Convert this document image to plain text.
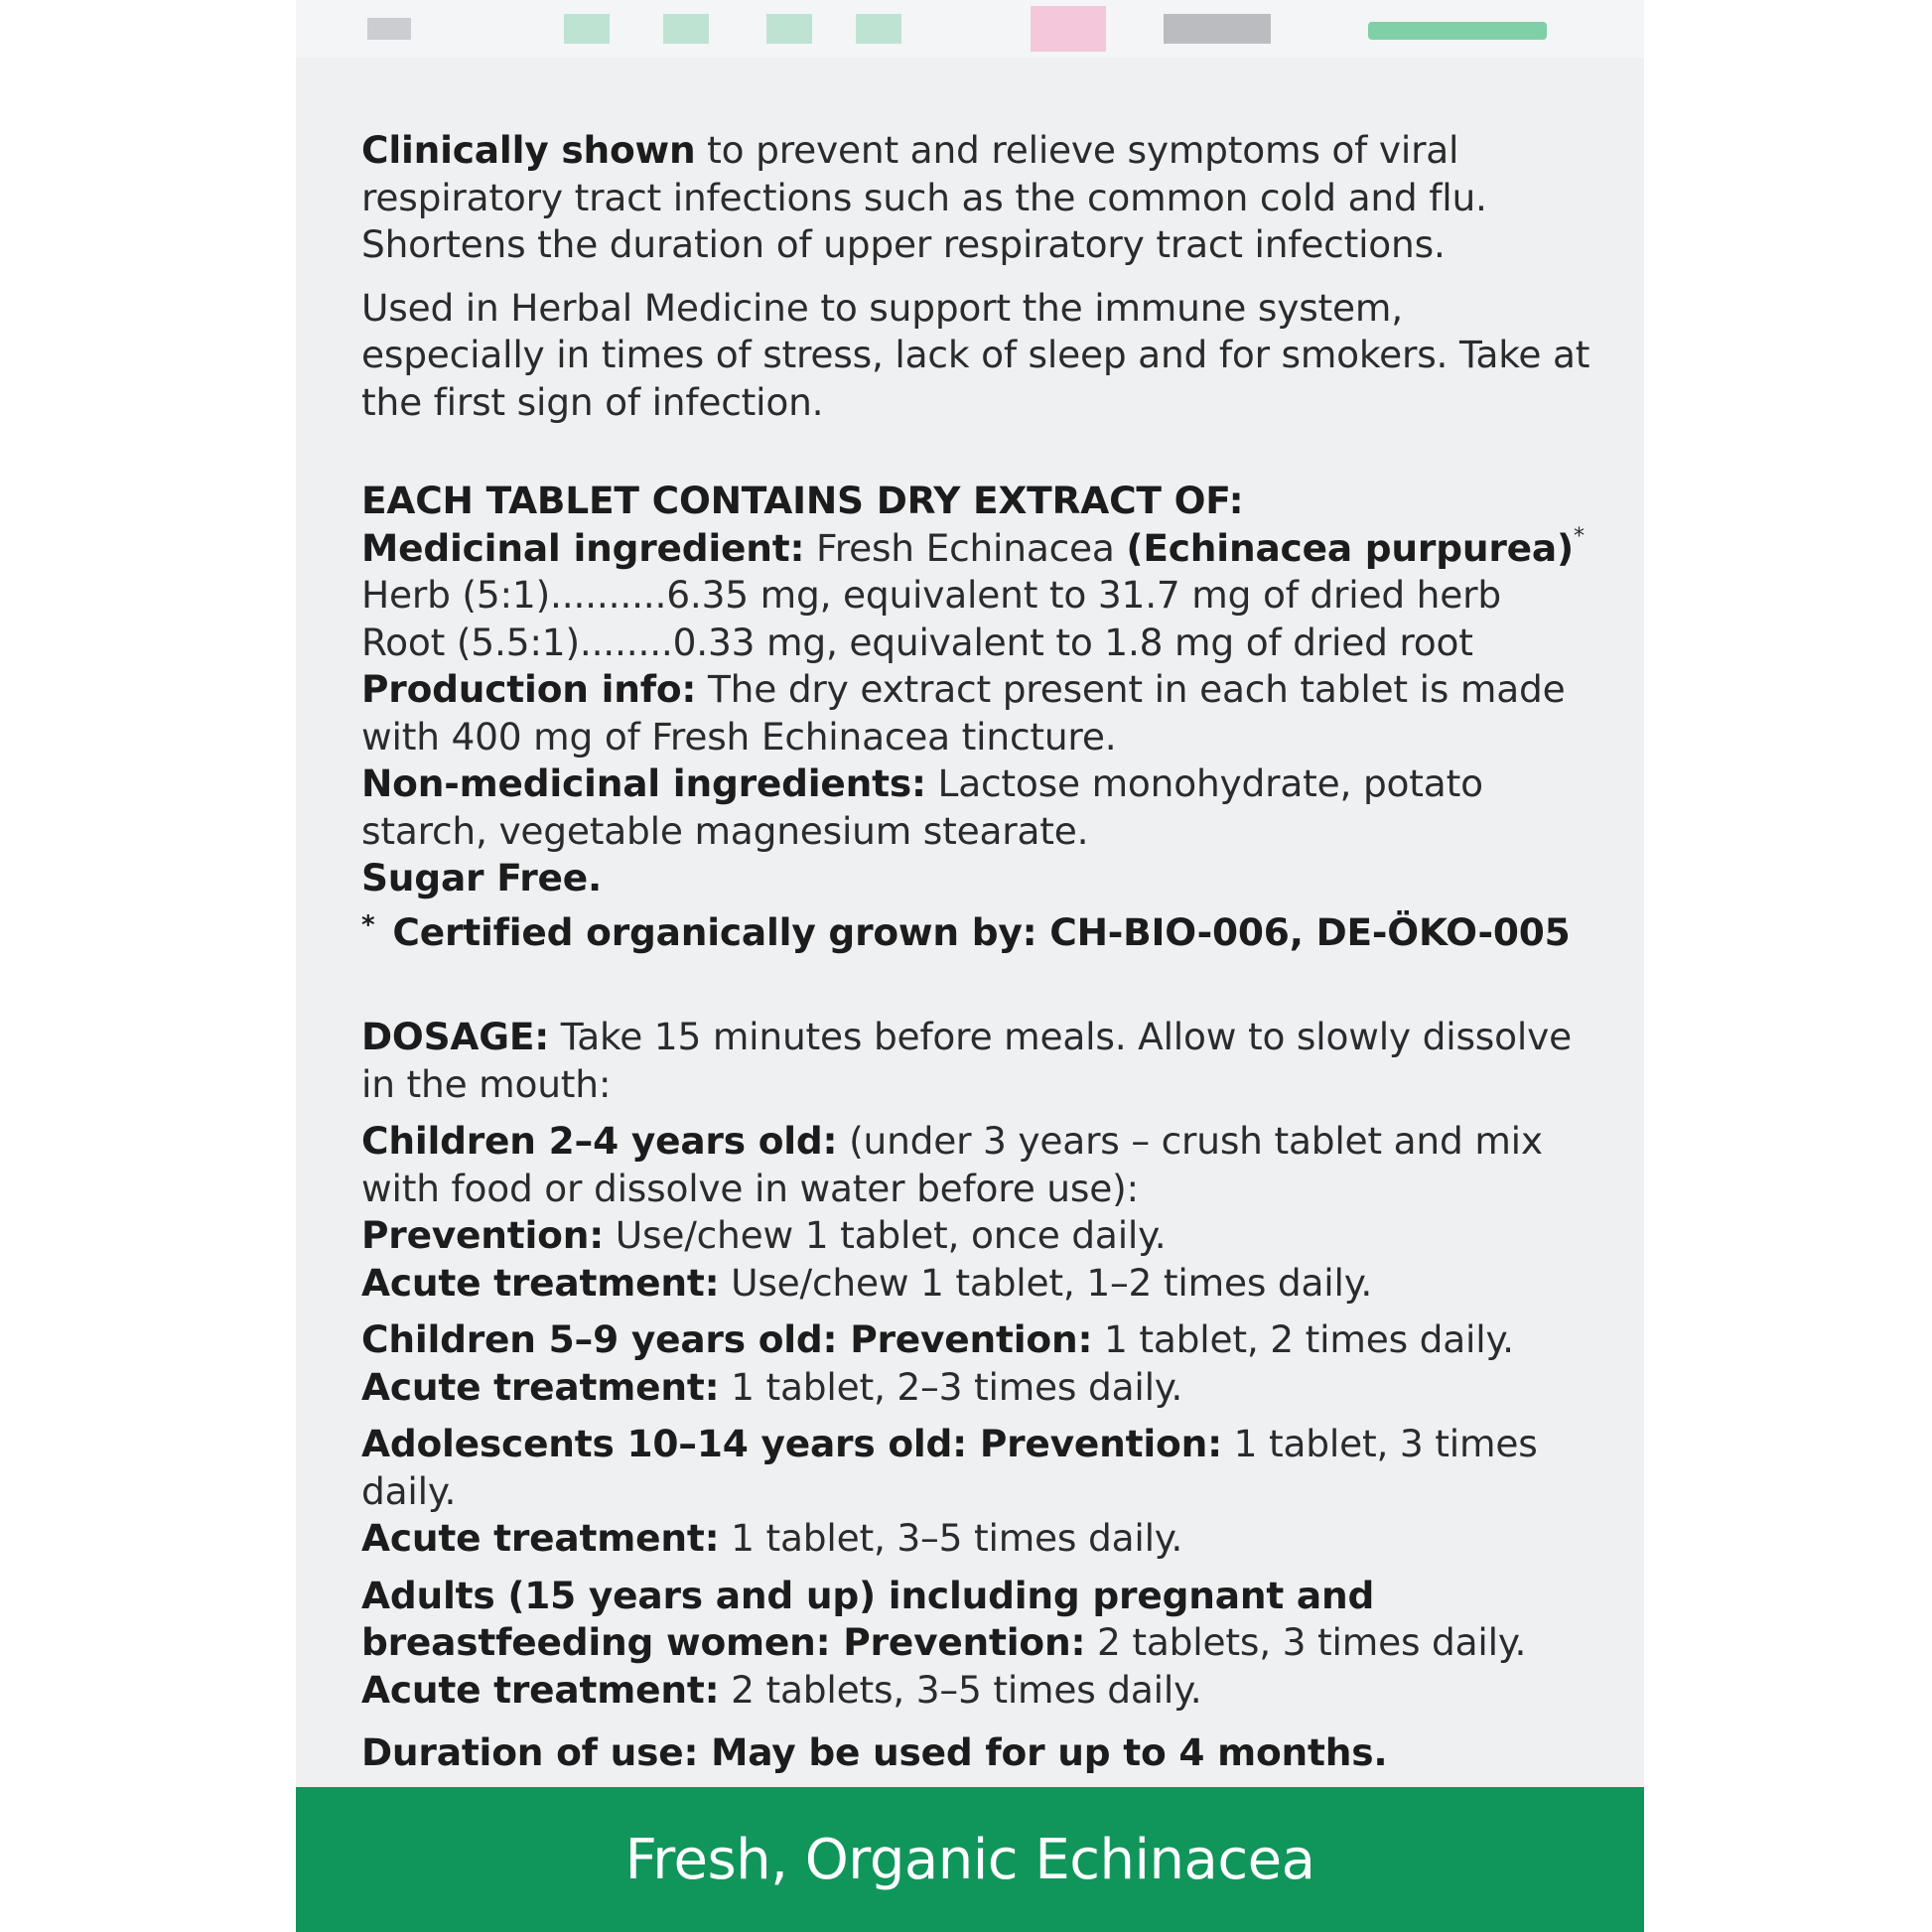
Clinically shown to prevent and relieve symptoms of viral respiratory tract infections such as the common cold and flu. Shortens the duration of upper respiratory tract infections.

Used in Herbal Medicine to support the immune system, especially in times of stress, lack of sleep and for smokers. Take at the first sign of infection.

EACH TABLET CONTAINS DRY EXTRACT OF:

Medicinal ingredient: Fresh Echinacea (Echinacea purpurea)*

Herb (5:1)..........6.35 mg, equivalent to 31.7 mg of dried herb

Root (5.5:1)........0.33 mg, equivalent to 1.8 mg of dried root

Production info: The dry extract present in each tablet is made with 400 mg of Fresh Echinacea tincture.

Non-medicinal ingredients: Lactose monohydrate, potato starch, vegetable magnesium stearate.

Sugar Free.

* Certified organically grown by: CH-BIO-006, DE-ÖKO-005

DOSAGE: Take 15 minutes before meals. Allow to slowly dissolve in the mouth:

Children 2–4 years old: (under 3 years – crush tablet and mix with food or dissolve in water before use):

Prevention: Use/chew 1 tablet, once daily.

Acute treatment: Use/chew 1 tablet, 1–2 times daily.

Children 5–9 years old: Prevention: 1 tablet, 2 times daily.

Acute treatment: 1 tablet, 2–3 times daily.

Adolescents 10–14 years old: Prevention: 1 tablet, 3 times daily.

Acute treatment: 1 tablet, 3–5 times daily.

Adults (15 years and up) including pregnant and breastfeeding women: Prevention: 2 tablets, 3 times daily.

Acute treatment: 2 tablets, 3–5 times daily.

Duration of use: May be used for up to 4 months.

Fresh, Organic Echinacea
